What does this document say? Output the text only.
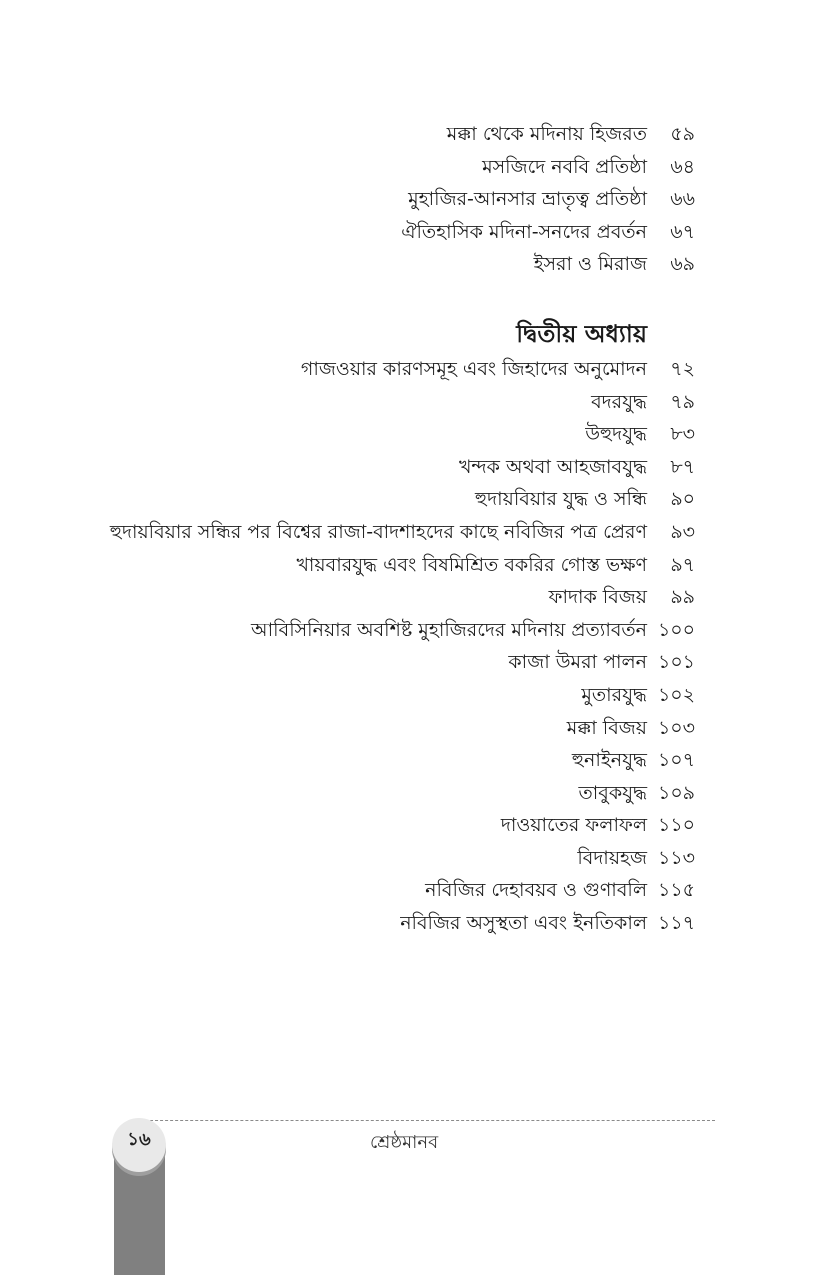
মক্কা থেকে মদিনায় হিজরত	৫৯
মসজিদে নববি প্রতিষ্ঠা	৬৪
মুহাজির-আনসার ভ্রাতৃত্ব প্রতিষ্ঠা	৬৬
ঐতিহাসিক মদিনা-সনদের প্রবর্তন	৬৭
ইসরা ও মিরাজ	৬৯
দ্বিতীয় অধ্যায়
গাজওয়ার কারণসমূহ এবং জিহাদের অনুমোদন	৭২
বদরযুদ্ধ	৭৯
উহুদযুদ্ধ	৮৩
খন্দক অথবা আহজাবযুদ্ধ	৮৭
হুদায়বিয়ার যুদ্ধ ও সন্ধি	৯০
হুদায়বিয়ার সন্ধির পর বিশ্বের রাজা-বাদশাহদের কাছে নবিজির পত্র প্রেরণ	৯৩
খায়বারযুদ্ধ এবং বিষমিশ্রিত বকরির গোস্ত ভক্ষণ	৯৭
ফাদাক বিজয়	৯৯
আবিসিনিয়ার অবশিষ্ট মুহাজিরদের মদিনায় প্রত্যাবর্তন ১০০
কাজা উমরা পালন ১০১
মুতারযুদ্ধ ১০২
মক্কা বিজয় ১০৩
হুনাইনযুদ্ধ ১০৭
তাবুকযুদ্ধ ১০৯
দাওয়াতের ফলাফল ১১০
বিদায়হজ ১১৩
নবিজির দেহাবয়ব ও গুণাবলি ১১৫
নবিজির অসুস্থতা এবং ইনতিকাল ১১৭
১৬	শ্রেষ্ঠমানব
